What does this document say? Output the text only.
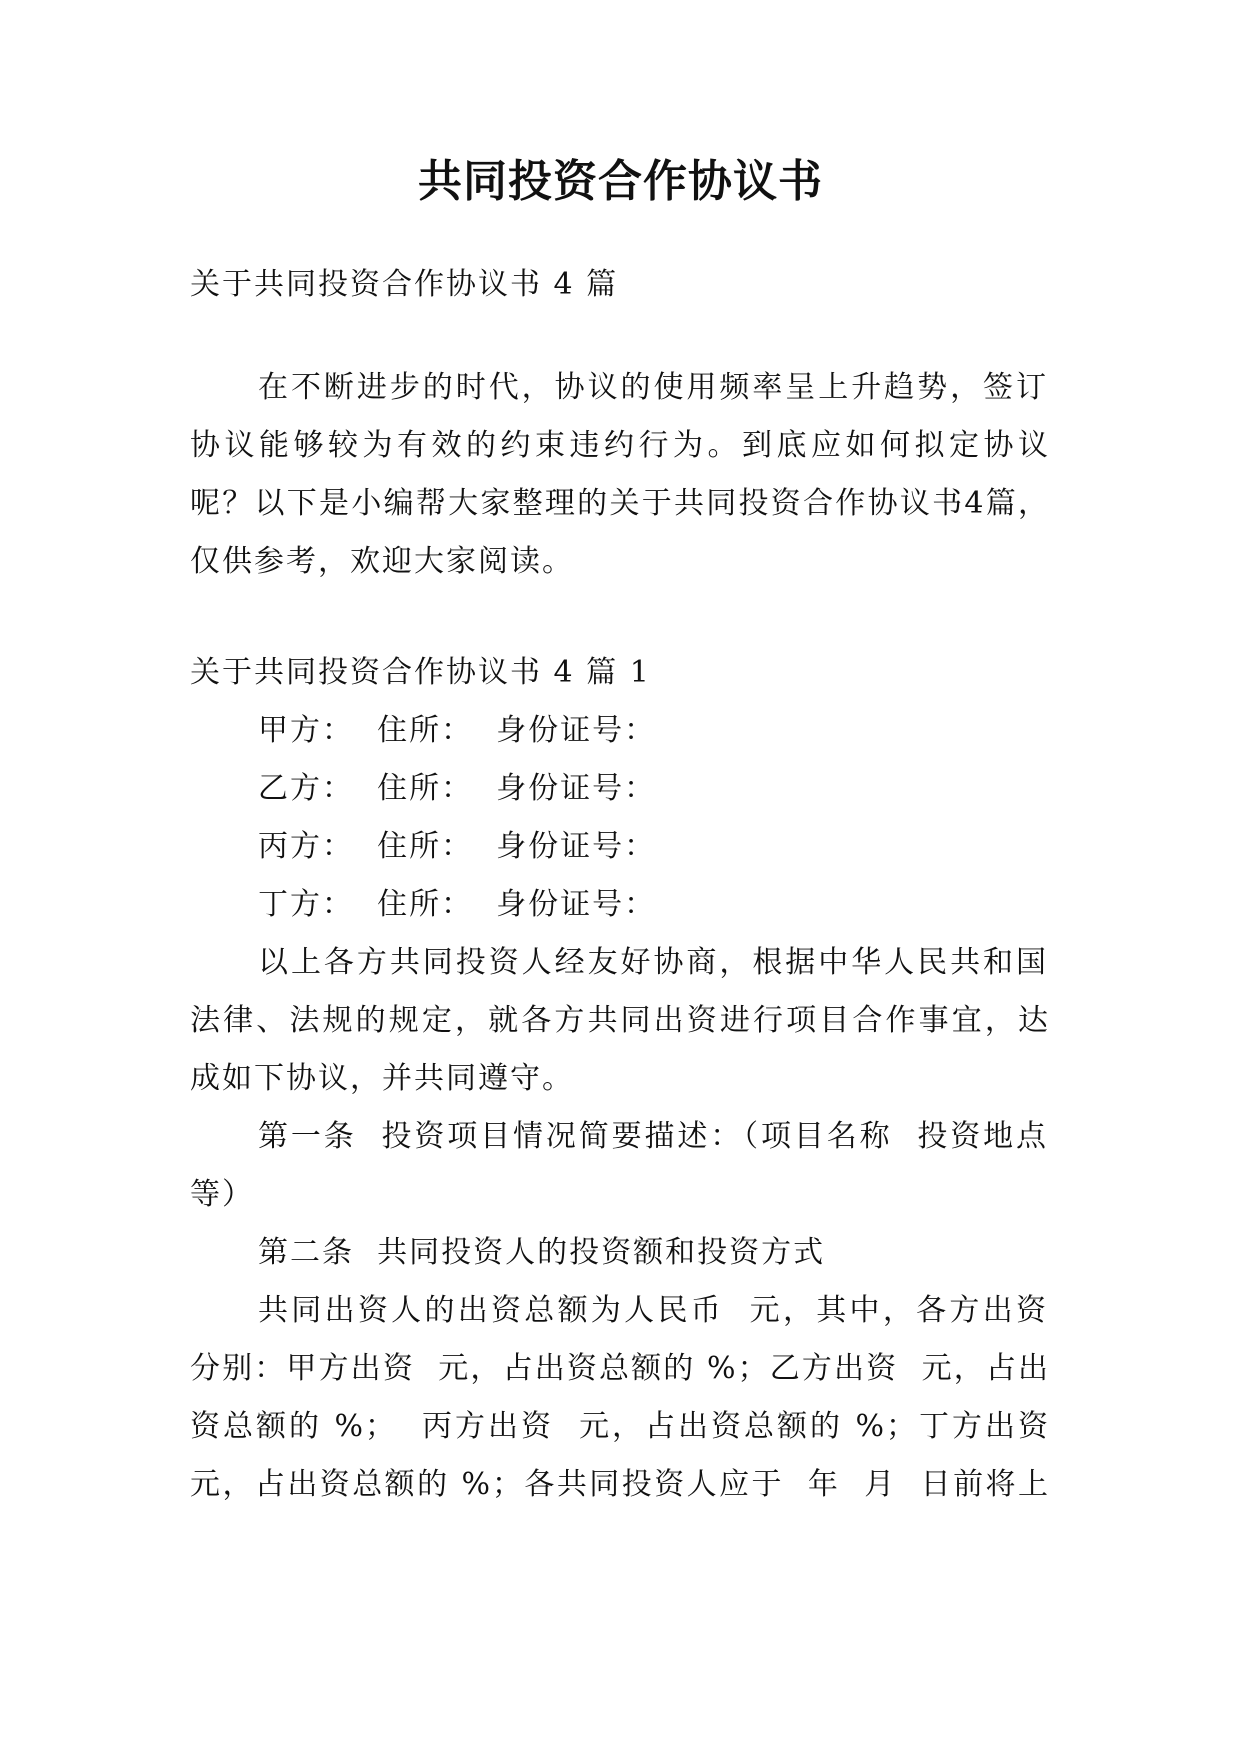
共同投资合作协议书
关于共同投资合作协议书 4 篇
在不断进步的时代，协议的使用频率呈上升趋势，签订
协议能够较为有效的约束违约行为。到底应如何拟定协议
呢？以下是小编帮大家整理的关于共同投资合作协议书4篇，
仅供参考，欢迎大家阅读。
关于共同投资合作协议书 4 篇 1
甲方：  住所：  身份证号：
乙方：  住所：  身份证号：
丙方：  住所：  身份证号：
丁方：  住所：  身份证号：
以上各方共同投资人经友好协商，根据中华人民共和国
法律、法规的规定，就各方共同出资进行项目合作事宜，达
成如下协议，并共同遵守。
第一条  投资项目情况简要描述：（项目名称  投资地点
等）
第二条  共同投资人的投资额和投资方式
共同出资人的出资总额为人民币  元，其中，各方出资
分别：甲方出资  元，占出资总额的 %；乙方出资  元，占出
资总额的 %；  丙方出资  元，占出资总额的 %；丁方出资
元，占出资总额的 %；各共同投资人应于  年  月  日前将上
